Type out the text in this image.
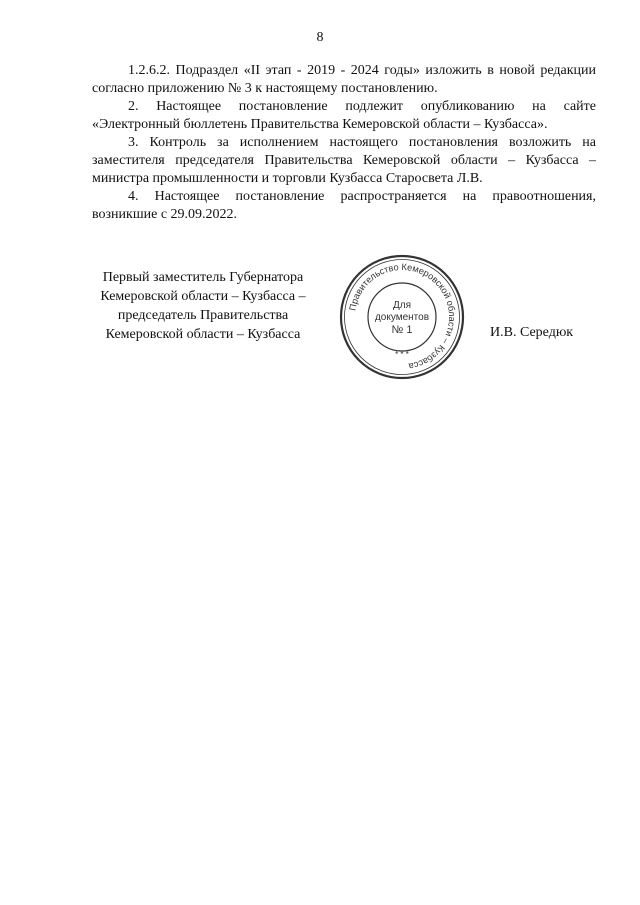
8

1.2.6.2. Подраздел «II этап - 2019 - 2024 годы» изложить в новой редакции согласно приложению № 3 к настоящему постановлению.

2. Настоящее постановление подлежит опубликованию на сайте «Электронный бюллетень Правительства Кемеровской области – Кузбасса».

3. Контроль за исполнением настоящего постановления возложить на заместителя председателя Правительства Кемеровской области – Кузбасса – министра промышленности и торговли Кузбасса Старосвета Л.В.

4. Настоящее постановление распространяется на правоотношения, возникшие с 29.09.2022.

Первый заместитель Губернатора
Кемеровской области – Кузбасса –
председатель Правительства
Кемеровской области – Кузбасса
Правительство Кемеровской области – Кузбасса
* * *
Для
документов
№ 1	И.В. Середюк
